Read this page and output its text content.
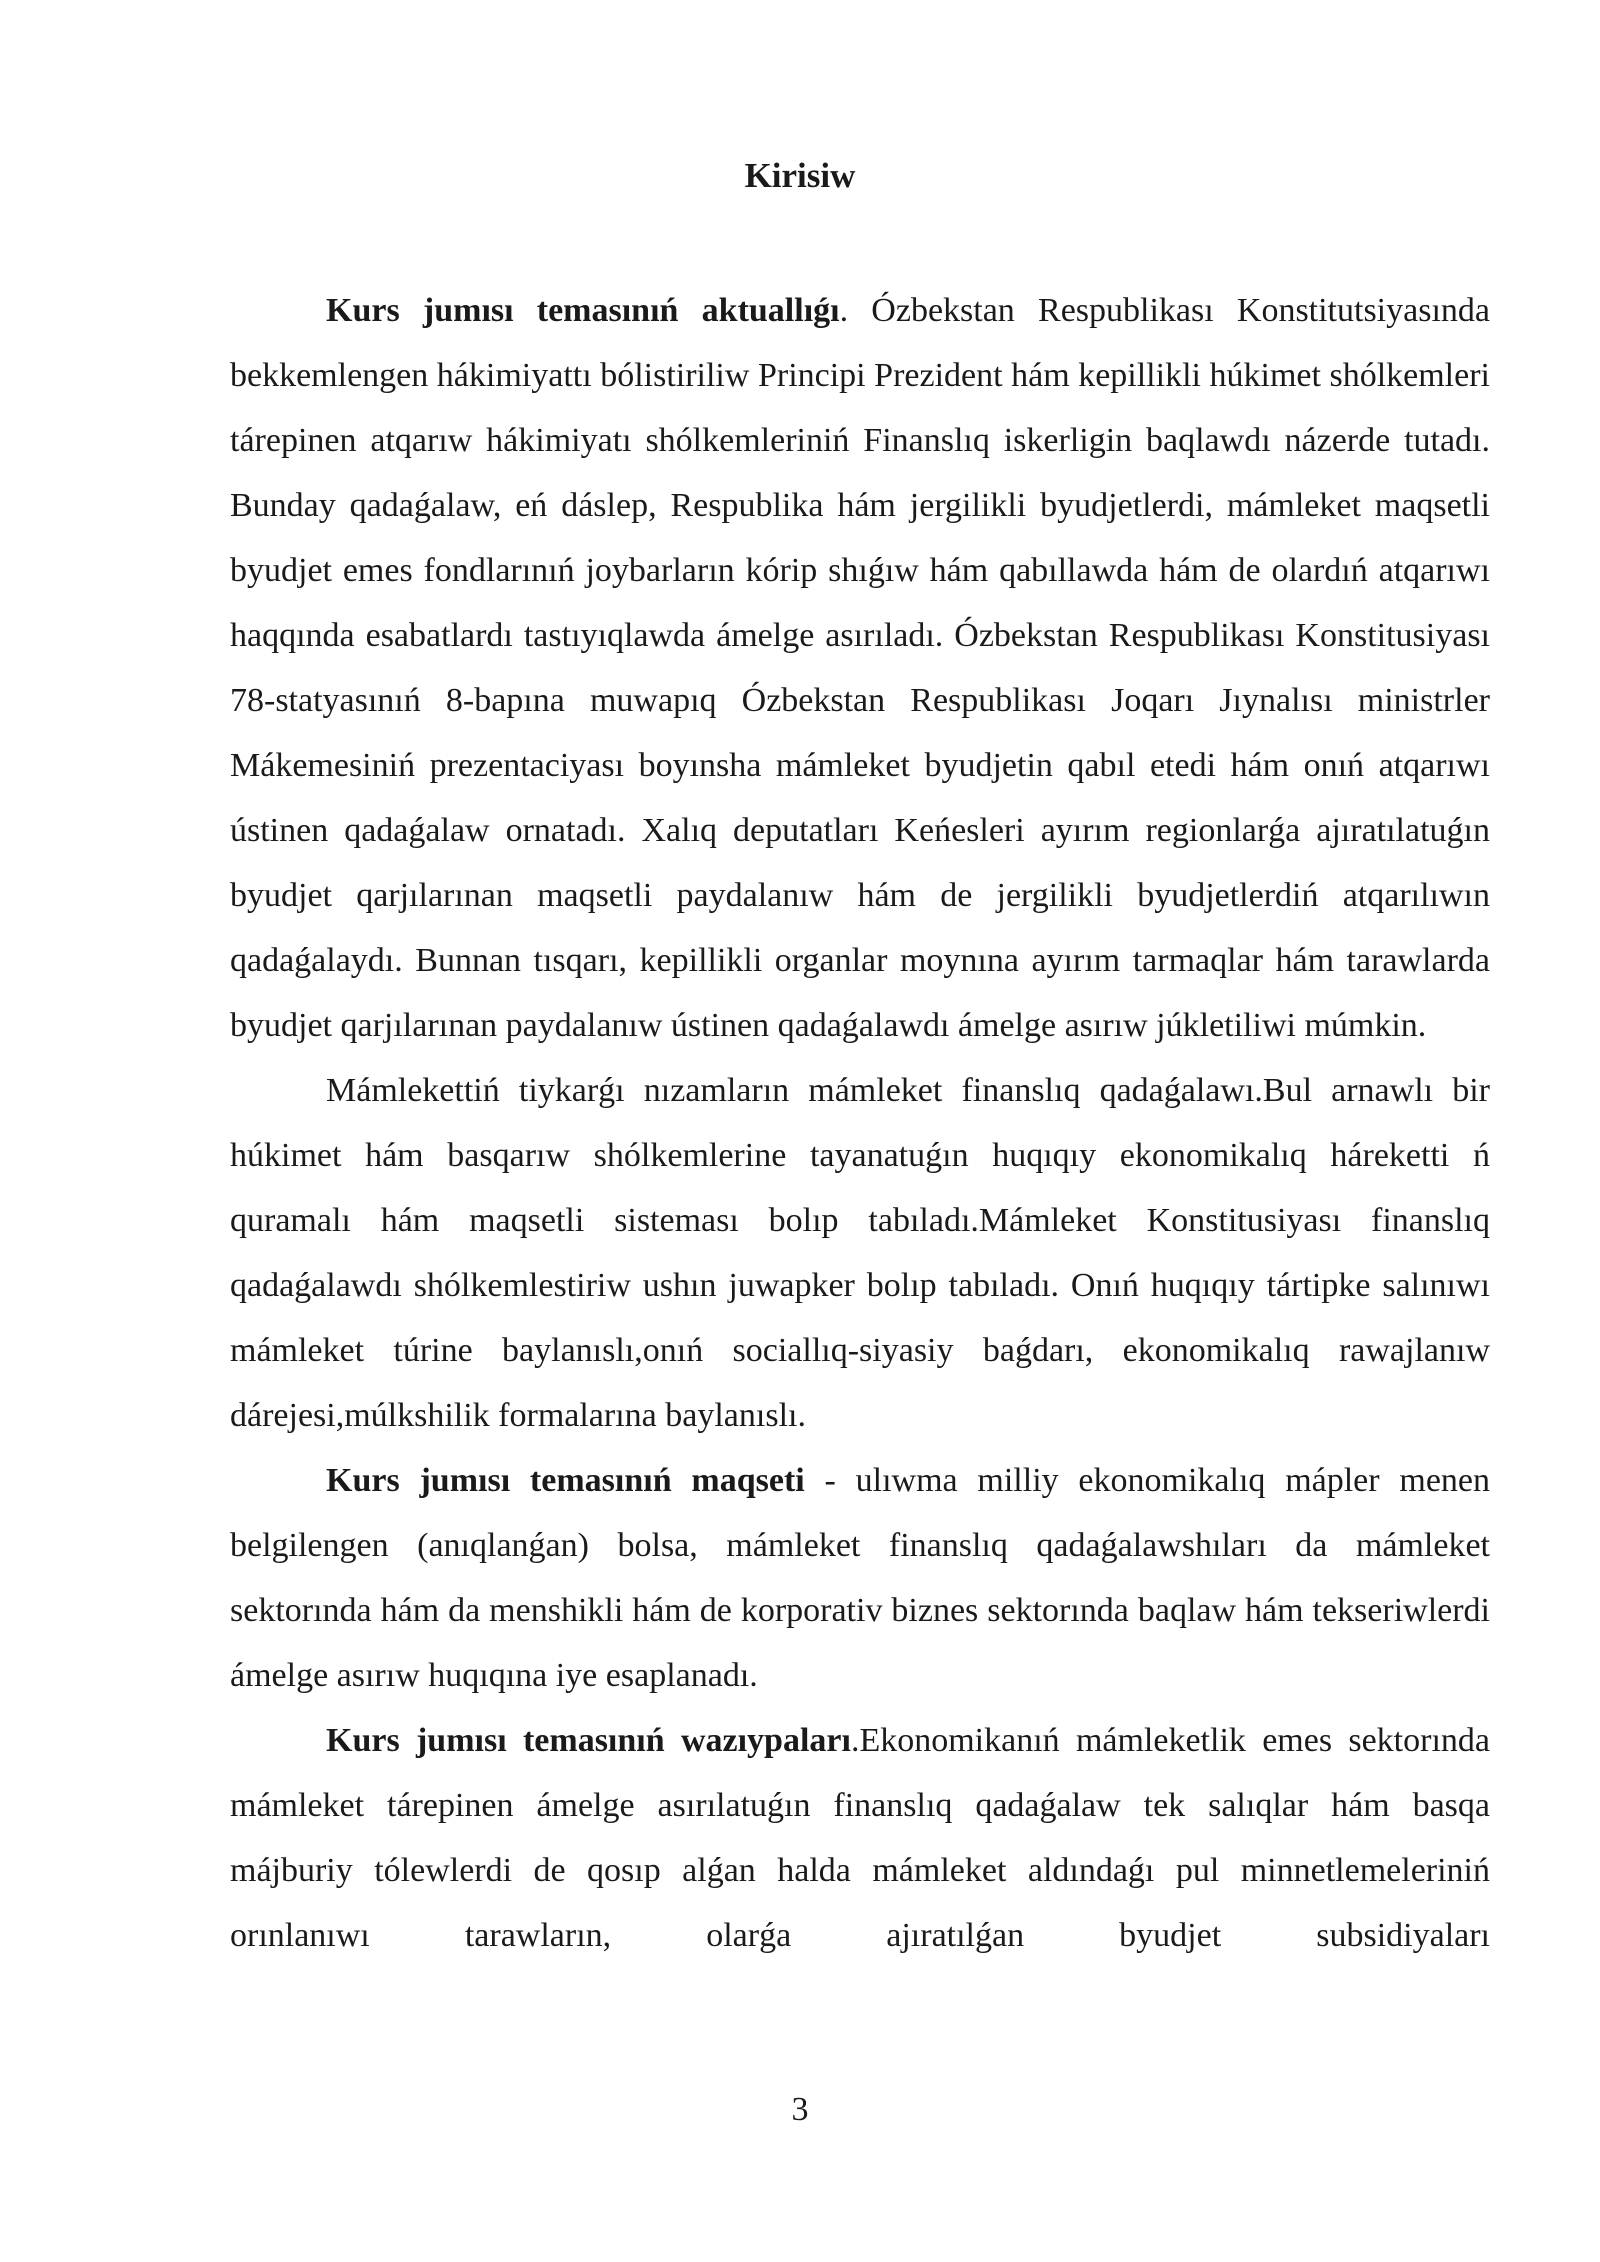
Kirisiw

Kurs jumısı temasınıń aktuallıǵı. Ózbekstan Respublikası Konstitutsiyasında bekkemlengen hákimiyattı bólistiriliw Principi Prezident hám kepillikli húkimet shólkemleri tárepinen atqarıw hákimiyatı shólkemleriniń Finanslıq iskerligin baqlawdı názerde tutadı. Bunday qadaǵalaw, eń dáslep, Respublika hám jergilikli byudjetlerdi, mámleket maqsetli byudjet emes fondlarınıń joybarların kórip shıǵıw hám qabıllawda hám de olardıń atqarıwı haqqında esabatlardı tastıyıqlawda ámelge asırıladı. Ózbekstan Respublikası Konstitusiyası 78-statyasınıń 8-bapına muwapıq Ózbekstan Respublikası Joqarı Jıynalısı ministrler Mákemesiniń prezentaciyası boyınsha mámleket byudjetin qabıl etedi hám onıń atqarıwı ústinen qadaǵalaw ornatadı. Xalıq deputatları Keńesleri ayırım regionlarǵa ajıratılatuǵın byudjet qarjılarınan maqsetli paydalanıw hám de jergilikli byudjetlerdiń atqarılıwın qadaǵalaydı. Bunnan tısqarı, kepillikli organlar moynına ayırım tarmaqlar hám tarawlarda byudjet qarjılarınan paydalanıw ústinen qadaǵalawdı ámelge asırıw júkletiliwi múmkin.

Mámlekettiń tiykarǵı nızamların mámleket finanslıq qadaǵalawı.Bul arnawlı bir húkimet hám basqarıw shólkemlerine tayanatuǵın huqıqıy ekonomikalıq háreketti ń quramalı hám maqsetli sisteması bolıp tabıladı.Mámleket Konstitusiyası finanslıq qadaǵalawdı shólkemlestiriw ushın juwapker bolıp tabıladı. Onıń huqıqıy tártipke salınıwı mámleket túrine baylanıslı,onıń sociallıq-siyasiy baǵdarı, ekonomikalıq rawajlanıw dárejesi,múlkshilik formalarına baylanıslı.

Kurs jumısı temasınıń maqseti - ulıwma milliy ekonomikalıq mápler menen belgilengen (anıqlanǵan) bolsa, mámleket finanslıq qadaǵalawshıları da mámleket sektorında hám da menshikli hám de korporativ biznes sektorında baqlaw hám tekseriwlerdi ámelge asırıw huqıqına iye esaplanadı.

Kurs jumısı temasınıń wazıypaları.Ekonomikanıń mámleketlik emes sektorında mámleket tárepinen ámelge asırılatuǵın finanslıq qadaǵalaw tek salıqlar hám basqa májburiy tólewlerdi de qosıp alǵan halda mámleket aldındaǵı pul minnetlemeleriniń orınlanıwı tarawların, olarǵa ajıratılǵan byudjet subsidiyaları

3
